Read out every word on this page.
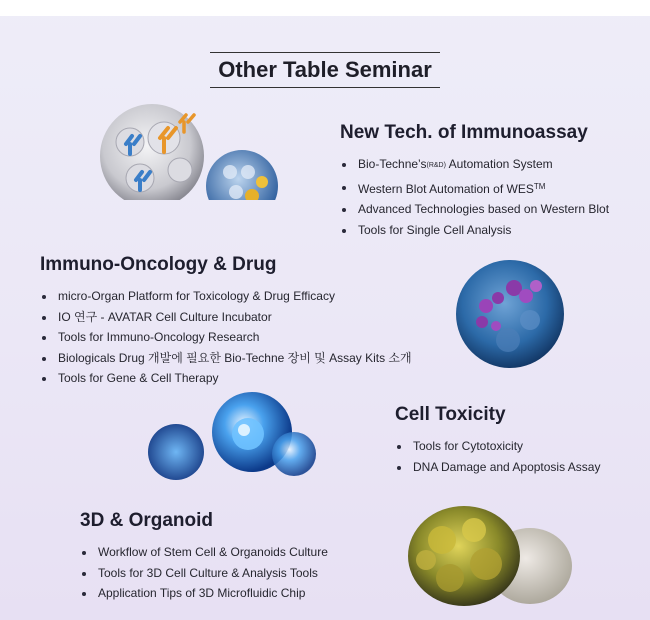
Other Table Seminar
New Tech. of Immunoassay
Bio-Techne’s(R&D) Automation System
Western Blot Automation of WES™
Advanced Technologies based on Western Blot
Tools for Single Cell Analysis
Immuno-Oncology & Drug
micro-Organ Platform for Toxicology & Drug Efficacy
IO 연구 - AVATAR Cell Culture Incubator
Tools for Immuno-Oncology Research
Biologicals Drug 개발에 필요한 Bio-Techne 장비 및 Assay Kits 소개
Tools for Gene & Cell Therapy
Cell Toxicity
Tools for Cytotoxicity
DNA Damage and Apoptosis Assay
3D & Organoid
Workflow of Stem Cell & Organoids Culture
Tools for 3D Cell Culture & Analysis Tools
Application Tips of 3D Microfluidic Chip
